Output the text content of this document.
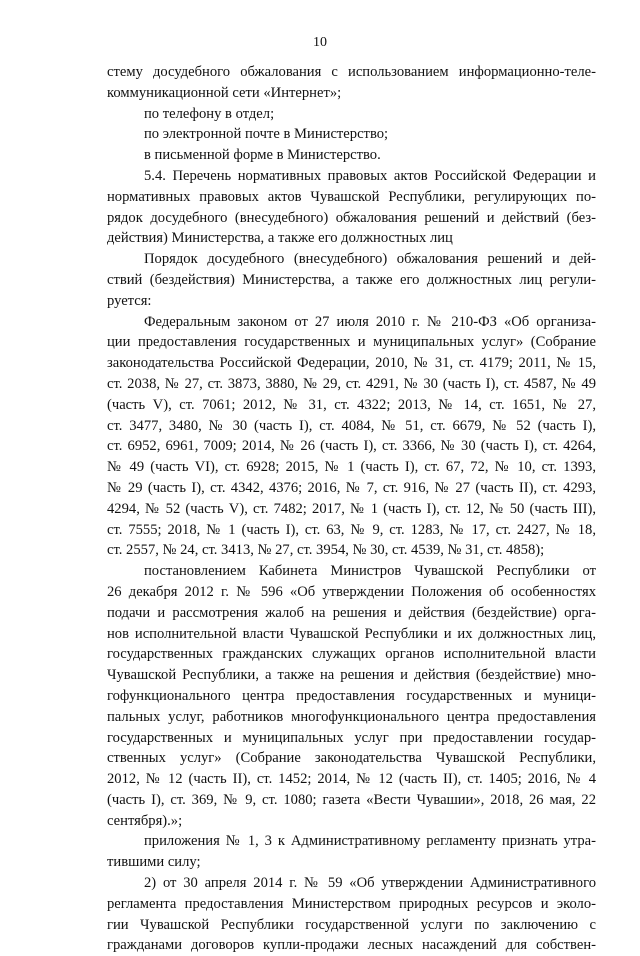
10
стему досудебного обжалования с использованием информационно-теле-
коммуникационной сети «Интернет»;
по телефону в отдел;
по электронной почте в Министерство;
в письменной форме в Министерство.
5.4. Перечень нормативных правовых актов Российской Федерации и
нормативных правовых актов Чувашской Республики, регулирующих по-
рядок досудебного (внесудебного) обжалования решений и действий (без-
действия) Министерства, а также его должностных лиц
Порядок досудебного (внесудебного) обжалования решений и дей-
ствий (бездействия) Министерства, а также его должностных лиц регули-
руется:
Федеральным законом от 27 июля 2010 г. № 210-ФЗ «Об организа-
ции предоставления государственных и муниципальных услуг» (Собрание
законодательства Российской Федерации, 2010, № 31, ст. 4179; 2011, № 15,
ст. 2038, № 27, ст. 3873, 3880, № 29, ст. 4291, № 30 (часть I), ст. 4587, № 49
(часть V), ст. 7061; 2012, № 31, ст. 4322; 2013, № 14, ст. 1651, № 27,
ст. 3477, 3480, № 30 (часть I), ст. 4084, № 51, ст. 6679, № 52 (часть I),
ст. 6952, 6961, 7009; 2014, № 26 (часть I), ст. 3366, № 30 (часть I), ст. 4264,
№ 49 (часть VI), ст. 6928; 2015, № 1 (часть I), ст. 67, 72, № 10, ст. 1393,
№ 29 (часть I), ст. 4342, 4376; 2016, № 7, ст. 916, № 27 (часть II), ст. 4293,
4294, № 52 (часть V), ст. 7482; 2017, № 1 (часть I), ст. 12, № 50 (часть III),
ст. 7555; 2018, № 1 (часть I), ст. 63, № 9, ст. 1283, № 17, ст. 2427, № 18,
ст. 2557, № 24, ст. 3413, № 27, ст. 3954, № 30, ст. 4539, № 31, ст. 4858);
постановлением Кабинета Министров Чувашской Республики от
26 декабря 2012 г. № 596 «Об утверждении Положения об особенностях
подачи и рассмотрения жалоб на решения и действия (бездействие) орга-
нов исполнительной власти Чувашской Республики и их должностных лиц,
государственных гражданских служащих органов исполнительной власти
Чувашской Республики, а также на решения и действия (бездействие) мно-
гофункционального центра предоставления государственных и муници-
пальных услуг, работников многофункционального центра предоставления
государственных и муниципальных услуг при предоставлении государ-
ственных услуг» (Собрание законодательства Чувашской Республики,
2012, № 12 (часть II), ст. 1452; 2014, № 12 (часть II), ст. 1405; 2016, № 4
(часть I), ст. 369, № 9, ст. 1080; газета «Вести Чувашии», 2018, 26 мая, 22
сентября).»;
приложения № 1, 3 к Административному регламенту признать утра-
тившими силу;
2) от 30 апреля 2014 г. № 59 «Об утверждении Административного
регламента предоставления Министерством природных ресурсов и эколо-
гии Чувашской Республики государственной услуги по заключению с
гражданами договоров купли-продажи лесных насаждений для собствен-
